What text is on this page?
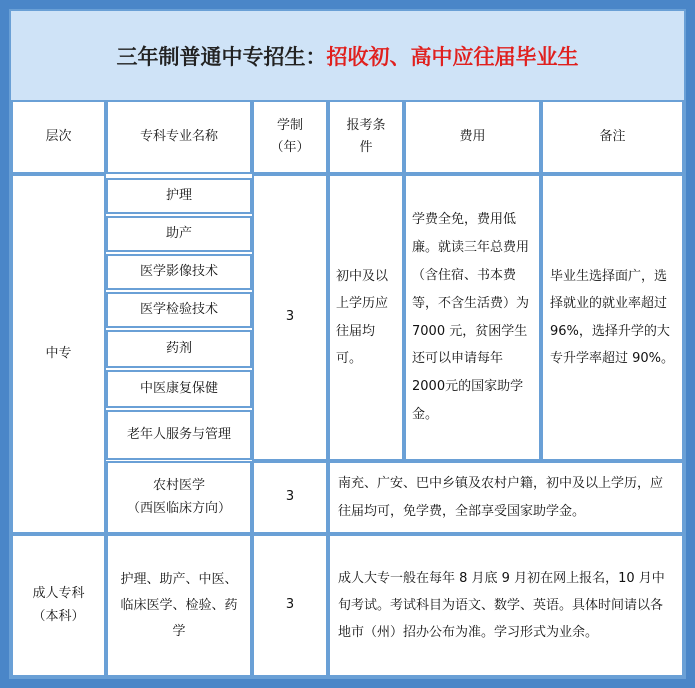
三年制普通中专招生： 招收初、高中应往届毕业生
层次	专科专业名称
学制
（年）
报考条
件
费用	备注
中专
护理
助产
医学影像技术
医学检验技术
药剂
中医康复保健
老年人服务与管理
3
初中及以上学历应往届均可。
学费全免，费用低廉。就读三年总费用（含住宿、书本费等，不含生活费）为 7000 元，贫困学生还可以申请每年 2000元的国家助学金。
毕业生选择面广，选择就业的就业率超过 96%，选择升学的大专升学率超过 90%。
农村医学
（西医临床方向）
3
南充、广安、巴中乡镇及农村户籍，初中及以上学历，应往届均可，免学费，全部享受国家助学金。
成人专科
（本科）
护理、助产、中医、临床医学、检验、药学
3
成人大专一般在每年 8 月底 9 月初在网上报名，10 月中旬考试。考试科目为语文、数学、英语。具体时间请以各地市（州）招办公布为准。学习形式为业余。
